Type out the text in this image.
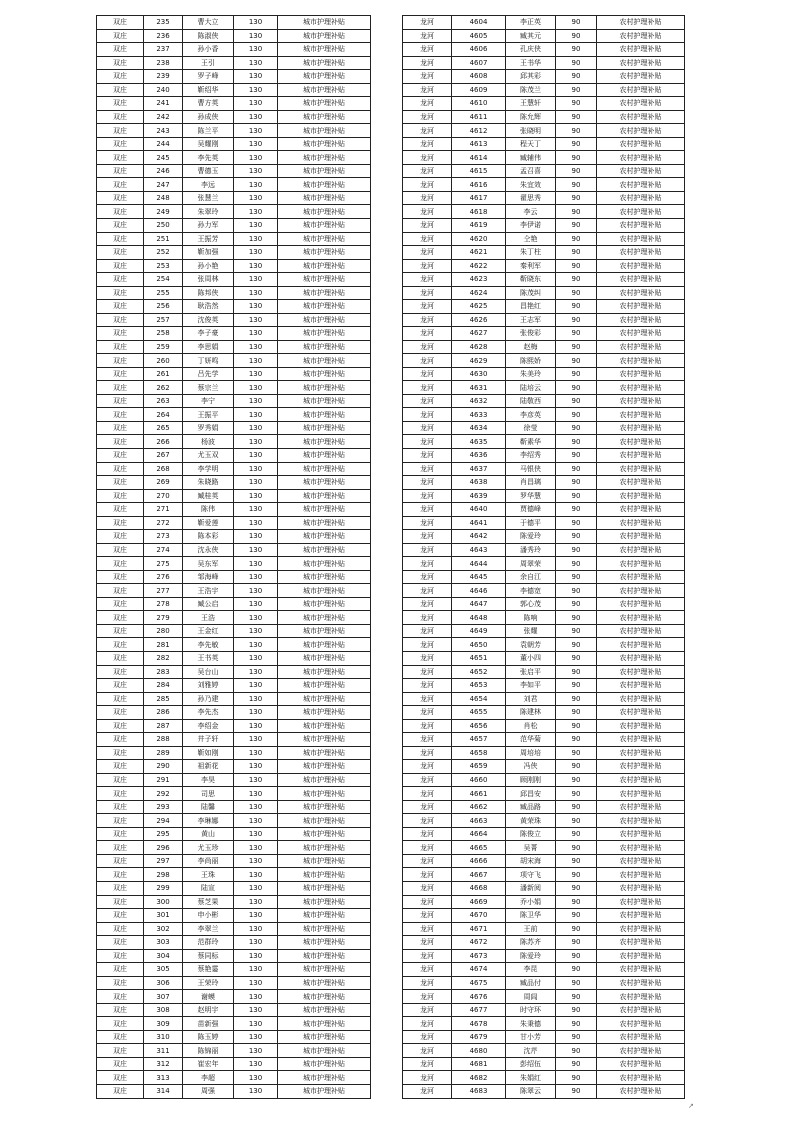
双庄	235	曹大立	130	城市护理补贴
双庄	236	陈淑侠	130	城市护理补贴
双庄	237	孙小香	130	城市护理补贴
双庄	238	王引	130	城市护理补贴
双庄	239	罗子峰	130	城市护理补贴
双庄	240	靳绍华	130	城市护理补贴
双庄	241	曹方英	130	城市护理补贴
双庄	242	孙成侠	130	城市护理补贴
双庄	243	陈兰平	130	城市护理补贴
双庄	244	吴耀刚	130	城市护理补贴
双庄	245	李先英	130	城市护理补贴
双庄	246	曹德玉	130	城市护理补贴
双庄	247	李远	130	城市护理补贴
双庄	248	张慧兰	130	城市护理补贴
双庄	249	朱翠玲	130	城市护理补贴
双庄	250	孙力军	130	城市护理补贴
双庄	251	王振芳	130	城市护理补贴
双庄	252	靳加强	130	城市护理补贴
双庄	253	孙小艳	130	城市护理补贴
双庄	254	张周林	130	城市护理补贴
双庄	255	陈邦侠	130	城市护理补贴
双庄	256	耿浩然	130	城市护理补贴
双庄	257	沈俊英	130	城市护理补贴
双庄	258	李子豪	130	城市护理补贴
双庄	259	李思娟	130	城市护理补贴
双庄	260	丁妍鸣	130	城市护理补贴
双庄	261	吕先学	130	城市护理补贴
双庄	262	蔡宗兰	130	城市护理补贴
双庄	263	李宁	130	城市护理补贴
双庄	264	王振平	130	城市护理补贴
双庄	265	罗秀娟	130	城市护理补贴
双庄	266	杨波	130	城市护理补贴
双庄	267	尤玉双	130	城市护理补贴
双庄	268	李学明	130	城市护理补贴
双庄	269	朱晓路	130	城市护理补贴
双庄	270	臧桂英	130	城市护理补贴
双庄	271	陈伟	130	城市护理补贴
双庄	272	靳爱莲	130	城市护理补贴
双庄	273	陈本彩	130	城市护理补贴
双庄	274	沈永侠	130	城市护理补贴
双庄	275	吴东军	130	城市护理补贴
双庄	276	邹海峰	130	城市护理补贴
双庄	277	王浩宇	130	城市护理补贴
双庄	278	臧公启	130	城市护理补贴
双庄	279	王浩	130	城市护理补贴
双庄	280	王金红	130	城市护理补贴
双庄	281	李先敏	130	城市护理补贴
双庄	282	王书英	130	城市护理补贴
双庄	283	吴台山	130	城市护理补贴
双庄	284	刘雅婷	130	城市护理补贴
双庄	285	孙乃建	130	城市护理补贴
双庄	286	李先杰	130	城市护理补贴
双庄	287	李绍金	130	城市护理补贴
双庄	288	井子轩	130	城市护理补贴
双庄	289	靳如刚	130	城市护理补贴
双庄	290	祖新花	130	城市护理补贴
双庄	291	李昊	130	城市护理补贴
双庄	292	司思	130	城市护理补贴
双庄	293	陆馨	130	城市护理补贴
双庄	294	李琳娜	130	城市护理补贴
双庄	295	黄山	130	城市护理补贴
双庄	296	尤玉珍	130	城市护理补贴
双庄	297	李尚丽	130	城市护理补贴
双庄	298	王珠	130	城市护理补贴
双庄	299	陆宣	130	城市护理补贴
双庄	300	蔡芝果	130	城市护理补贴
双庄	301	申小彬	130	城市护理补贴
双庄	302	李翠兰	130	城市护理补贴
双庄	303	范群玲	130	城市护理补贴
双庄	304	蔡同标	130	城市护理补贴
双庄	305	蔡艳霎	130	城市护理补贴
双庄	306	王荣玲	130	城市护理补贴
双庄	307	谢蟆	130	城市护理补贴
双庄	308	赵明宇	130	城市护理补贴
双庄	309	苗新强	130	城市护理补贴
双庄	310	陈玉婷	130	城市护理补贴
双庄	311	陈锦丽	130	城市护理补贴
双庄	312	崔宏年	130	城市护理补贴
双庄	313	李超	130	城市护理补贴
双庄	314	周强	130	城市护理补贴
龙河	4604	李正英	90	农村护理补贴
龙河	4605	臧其元	90	农村护理补贴
龙河	4606	孔庆侠	90	农村护理补贴
龙河	4607	王书华	90	农村护理补贴
龙河	4608	邱其彩	90	农村护理补贴
龙河	4609	陈茂兰	90	农村护理补贴
龙河	4610	王慧轩	90	农村护理补贴
龙河	4611	陈允辉	90	农村护理补贴
龙河	4612	张晓明	90	农村护理补贴
龙河	4613	程天丁	90	农村护理补贴
龙河	4614	臧辅伟	90	农村护理补贴
龙河	4615	孟召喜	90	农村护理补贴
龙河	4616	朱宜效	90	农村护理补贴
龙河	4617	翟思秀	90	农村护理补贴
龙河	4618	李云	90	农村护理补贴
龙河	4619	李伊诺	90	农村护理补贴
龙河	4620	仝艳	90	农村护理补贴
龙河	4621	朱丁柱	90	农村护理补贴
龙河	4622	秦利军	90	农村护理补贴
龙河	4623	靳晓东	90	农村护理补贴
龙河	4624	陈茂纠	90	农村护理补贴
龙河	4625	昌艳红	90	农村护理补贴
龙河	4626	王志军	90	农村护理补贴
龙河	4627	张俊彩	90	农村护理补贴
龙河	4628	赵梅	90	农村护理补贴
龙河	4629	陈熙娇	90	农村护理补贴
龙河	4630	朱美玲	90	农村护理补贴
龙河	4631	陆培云	90	农村护理补贴
龙河	4632	陆敬西	90	农村护理补贴
龙河	4633	李彦英	90	农村护理补贴
龙河	4634	徐莹	90	农村护理补贴
龙河	4635	靳素华	90	农村护理补贴
龙河	4636	李绍秀	90	农村护理补贴
龙河	4637	马银侠	90	农村护理补贴
龙河	4638	肖昌璃	90	农村护理补贴
龙河	4639	罗华慧	90	农村护理补贴
龙河	4640	贾德峰	90	农村护理补贴
龙河	4641	于德平	90	农村护理补贴
龙河	4642	陈爱玲	90	农村护理补贴
龙河	4643	潘秀玲	90	农村护理补贴
龙河	4644	周翠荣	90	农村护理补贴
龙河	4645	余自江	90	农村护理补贴
龙河	4646	李德宽	90	农村护理补贴
龙河	4647	郭心茂	90	农村护理补贴
龙河	4648	陈响	90	农村护理补贴
龙河	4649	张耀	90	农村护理补贴
龙河	4650	袁朝芳	90	农村护理补贴
龙河	4651	董小四	90	农村护理补贴
龙河	4652	张启平	90	农村护理补贴
龙河	4653	李如平	90	农村护理补贴
龙河	4654	刘君	90	农村护理补贴
龙河	4655	陈建林	90	农村护理补贴
龙河	4656	肖松	90	农村护理补贴
龙河	4657	范华菊	90	农村护理补贴
龙河	4658	周培培	90	农村护理补贴
龙河	4659	冯侠	90	农村护理补贴
龙河	4660	顾刚刚	90	农村护理补贴
龙河	4661	邱昌安	90	农村护理补贴
龙河	4662	臧品路	90	农村护理补贴
龙河	4663	黄荣珠	90	农村护理补贴
龙河	4664	陈俊立	90	农村护理补贴
龙河	4665	吴菁	90	农村护理补贴
龙河	4666	胡宋海	90	农村护理补贴
龙河	4667	项守飞	90	农村护理补贴
龙河	4668	潘新阅	90	农村护理补贴
龙河	4669	乔小娟	90	农村护理补贴
龙河	4670	陈卫华	90	农村护理补贴
龙河	4671	王前	90	农村护理补贴
龙河	4672	陈苏齐	90	农村护理补贴
龙河	4673	陈爱玲	90	农村护理补贴
龙河	4674	李昆	90	农村护理补贴
龙河	4675	臧品付	90	农村护理补贴
龙河	4676	周闾	90	农村护理补贴
龙河	4677	时守环	90	农村护理补贴
龙河	4678	朱秉德	90	农村护理补贴
龙河	4679	甘小芳	90	农村护理补贴
龙河	4680	沈芹	90	农村护理补贴
龙河	4681	彭绍伍	90	农村护理补贴
龙河	4682	朱娟红	90	农村护理补贴
龙河	4683	陈翠云	90	农村护理补贴
↗
